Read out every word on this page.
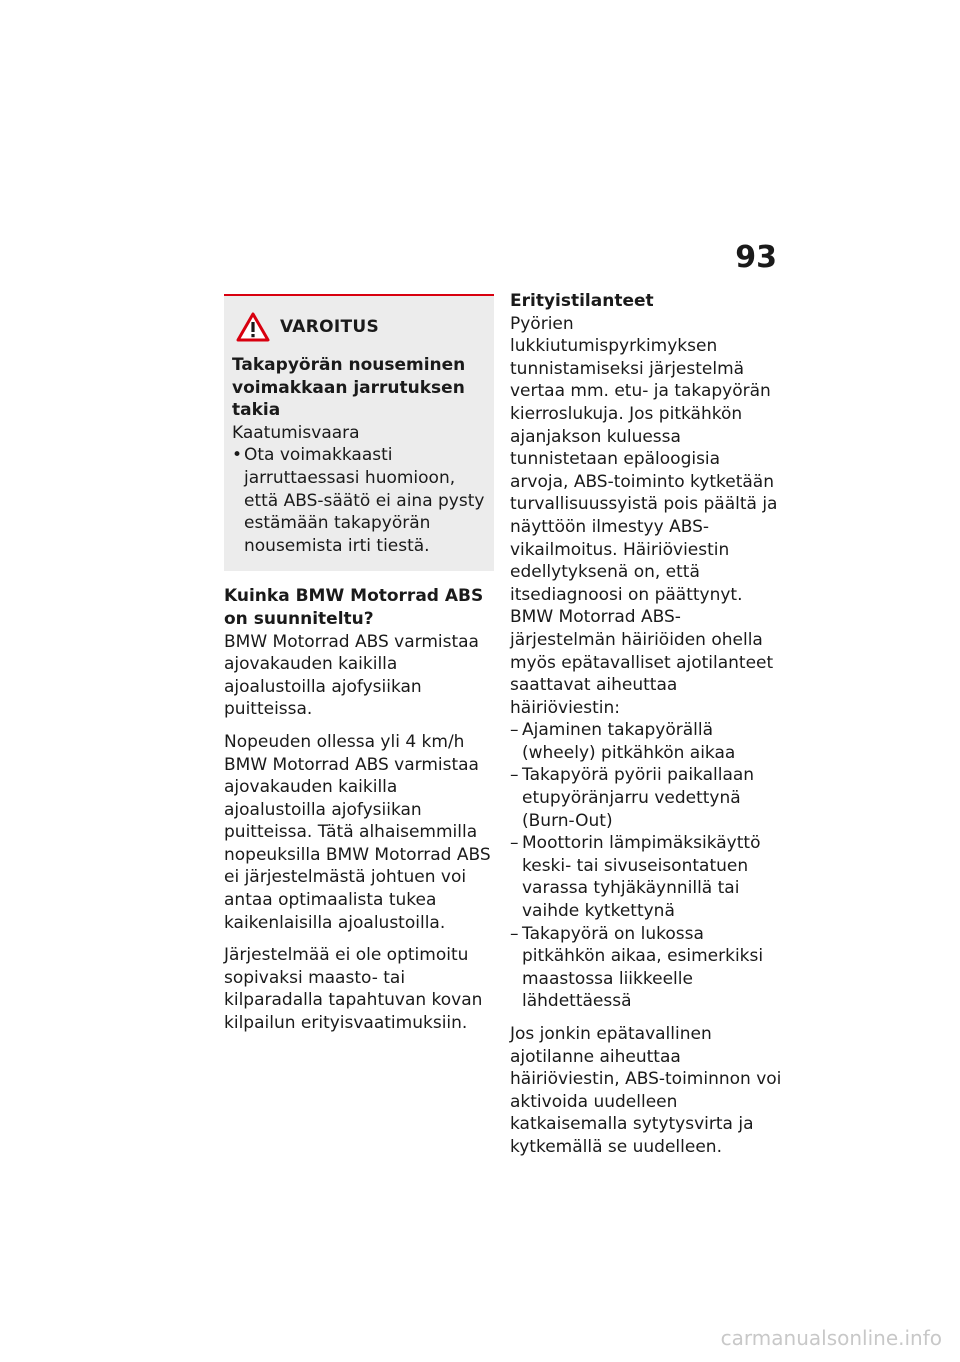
93
VAROITUS
Takapyörän nouseminen voimakkaan jarrutuksen takia
Kaatumisvaara
• Ota voimakkaasti jarruttaessasi huomioon, että ABS-säätö ei aina pysty estämään takapyörän nousemista irti tiestä.
Kuinka BMW Motorrad ABS on suunniteltu?

BMW Motorrad ABS varmistaa ajovakauden kaikilla ajoalustoilla ajofysiikan puitteissa.

Nopeuden ollessa yli 4 km/h BMW Motorrad ABS varmistaa ajovakauden kaikilla ajoalustoilla ajofysiikan puitteissa. Tätä alhaisemmilla nopeuksilla BMW Motorrad ABS ei järjestelmästä johtuen voi antaa optimaalista tukea kaikenlaisilla ajoalustoilla.

Järjestelmää ei ole optimoitu sopivaksi maasto- tai kilparadalla tapahtuvan kovan kilpailun erityisvaatimuksiin.

Erityistilanteet
Pyörien lukkiutumispyrkimyksen tunnistamiseksi järjestelmä vertaa mm. etu- ja takapyörän kierroslukuja. Jos pitkähkön ajanjakson kuluessa tunnistetaan epäloogisia arvoja, ABS-toiminto kytketään turvallisuussyistä pois päältä ja näyttöön ilmestyy ABS-vikailmoitus. Häiriöviestin edellytyksenä on, että itsediagnoosi on päättynyt.
BMW Motorrad ABS-järjestelmän häiriöiden ohella myös epätavalliset ajotilanteet saattavat aiheuttaa häiriöviestin:
– Ajaminen takapyörällä (wheely) pitkähkön aikaa
– Takapyörä pyörii paikallaan etupyöränjarru vedettynä (Burn-Out)
– Moottorin lämpimäksikäyttö keski- tai sivuseisontatuen varassa tyhjäkäynnillä tai vaihde kytkettynä
– Takapyörä on lukossa pitkähkön aikaa, esimerkiksi maastossa liikkeelle lähdettäessä

Jos jonkin epätavallinen ajotilanne aiheuttaa häiriöviestin, ABS-toiminnon voi aktivoida uudelleen katkaisemalla sytytysvirta ja kytkemällä se uudelleen.

carmanualsonline.info
